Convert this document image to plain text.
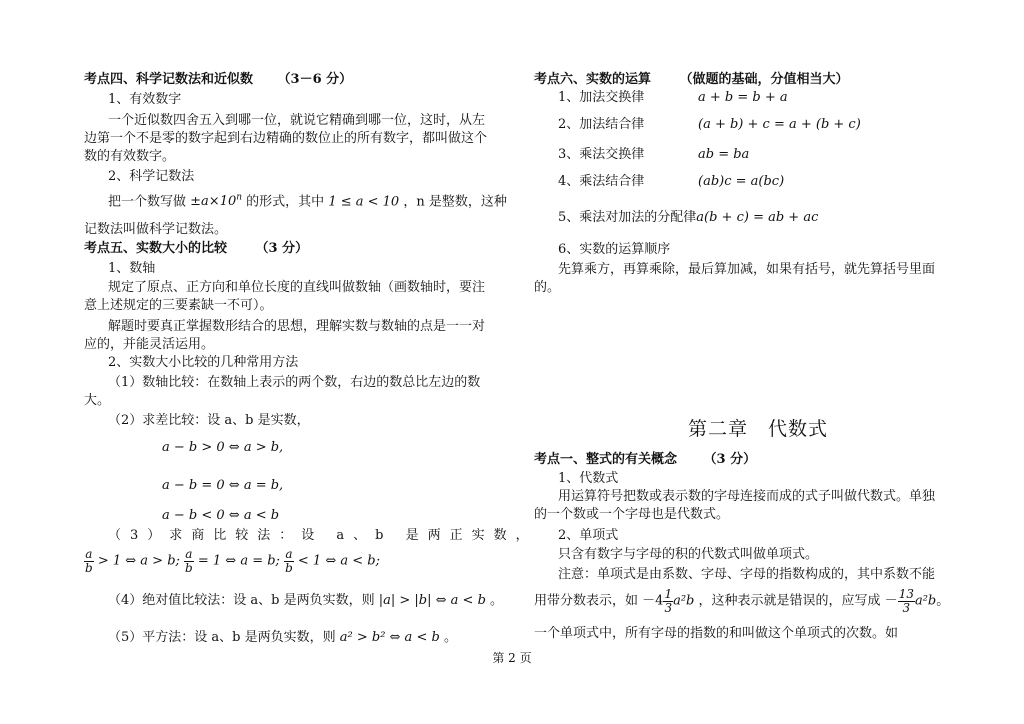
考点四、科学记数法和近似数 （3－6 分）
1、有效数字
一个近似数四舍五入到哪一位，就说它精确到哪一位，这时，从左
边第一个不是零的数字起到右边精确的数位止的所有数字，都叫做这个
数的有效数字。
2、科学记数法
把一个数写做 $\pm a\times 10^n$ 的形式，其中 1 ≤ a < 10 ，n 是整数，这种
记数法叫做科学记数法。
考点五、实数大小的比较 （3 分）
1、数轴
规定了原点、正方向和单位长度的直线叫做数轴（画数轴时，要注
意上述规定的三要素缺一不可）。
解题时要真正掌握数形结合的思想，理解实数与数轴的点是一一对
应的，并能灵活运用。
2、实数大小比较的几种常用方法
（1）数轴比较：在数轴上表示的两个数，右边的数总比左边的数
大。
（2）求差比较：设 a、b 是实数，
a − b > 0 ⇔ a > b,
a − b = 0 ⇔ a = b,
a − b < 0 ⇔ a < b
（3）求商比较法：设 a、b 是两正实数，
$\frac{a}{b} > 1$ ⇔ a > b; $\frac{a}{b} = 1$ ⇔ a = b; $\frac{a}{b} < 1$ ⇔ a < b;
（4）绝对值比较法：设 a、b 是两负实数，则 |a| > |b| ⇔ a < b 。
（5）平方法：设 a、b 是两负实数，则 a² > b² ⇔ a < b 。
考点六、实数的运算 （做题的基础，分值相当大）
1、加法交换律	a + b = b + a
2、加法结合律	(a + b) + c = a + (b + c)
3、乘法交换律	ab = ba
4、乘法结合律	(ab)c = a(bc)
5、乘法对加法的分配律a(b + c) = ab + ac
6、实数的运算顺序
先算乘方，再算乘除，最后算加减，如果有括号，就先算括号里面
的。
第二章　代数式
考点一、整式的有关概念 （3 分）
1、代数式
用运算符号把数或表示数的字母连接而成的式子叫做代数式。单独
的一个数或一个字母也是代数式。
2、单项式
只含有数字与字母的积的代数式叫做单项式。
注意：单项式是由系数、字母、字母的指数构成的，其中系数不能
用带分数表示，如 $-4 \frac{1}{3} a^2b$ ，这种表示就是错误的，应写成 － $\frac{13}{3} a^2b$。
一个单项式中，所有字母的指数的和叫做这个单项式的次数。如
第 2 页
